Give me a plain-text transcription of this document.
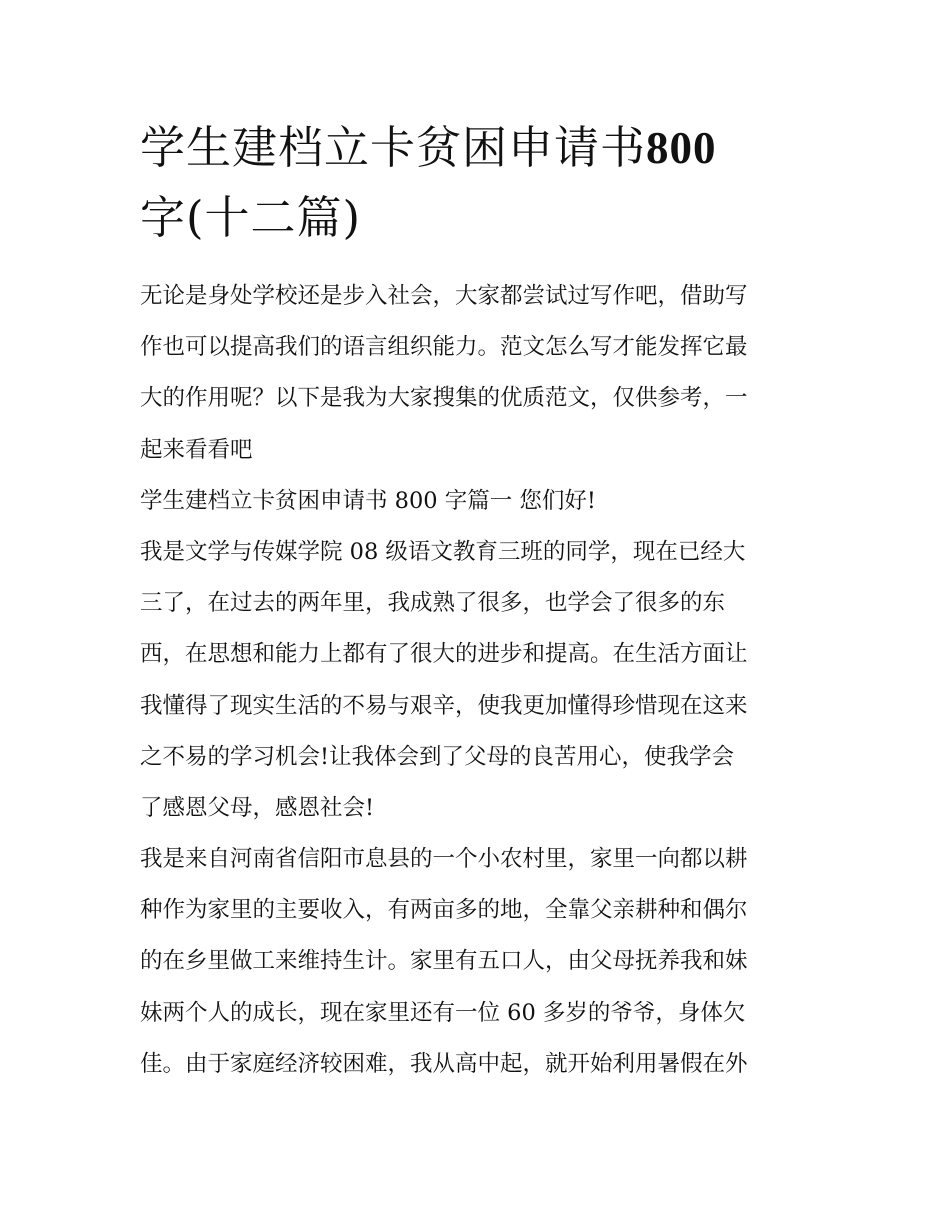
学生建档立卡贫困申请书800
字(十二篇)

无论是身处学校还是步入社会，大家都尝试过写作吧，借助写

作也可以提高我们的语言组织能力。范文怎么写才能发挥它最

大的作用呢？以下是我为大家搜集的优质范文，仅供参考，一

起来看看吧

学生建档立卡贫困申请书 800 字篇一 您们好!

我是文学与传媒学院 08 级语文教育三班的同学，现在已经大

三了，在过去的两年里，我成熟了很多，也学会了很多的东

西，在思想和能力上都有了很大的进步和提高。在生活方面让

我懂得了现实生活的不易与艰辛，使我更加懂得珍惜现在这来

之不易的学习机会!让我体会到了父母的良苦用心，使我学会

了感恩父母，感恩社会!

我是来自河南省信阳市息县的一个小农村里，家里一向都以耕

种作为家里的主要收入，有两亩多的地，全靠父亲耕种和偶尔

的在乡里做工来维持生计。家里有五口人，由父母抚养我和妹

妹两个人的成长，现在家里还有一位 60 多岁的爷爷，身体欠

佳。由于家庭经济较困难，我从高中起，就开始利用暑假在外
